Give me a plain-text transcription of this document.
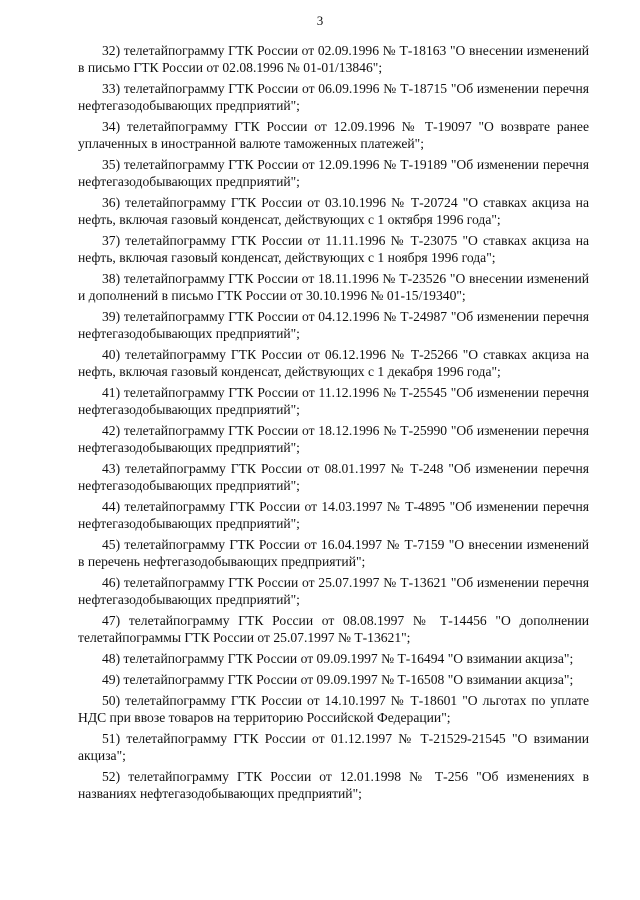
3

32) телетайпограмму ГТК России от 02.09.1996 № Т-18163 "О внесении изменений в письмо ГТК России от 02.08.1996 № 01-01/13846";

33) телетайпограмму ГТК России от 06.09.1996 № Т-18715 "Об изменении перечня нефтегазодобывающих предприятий";

34) телетайпограмму ГТК России от 12.09.1996 № Т-19097 "О возврате ранее уплаченных в иностранной валюте таможенных платежей";

35) телетайпограмму ГТК России от 12.09.1996 № Т-19189 "Об изменении перечня нефтегазодобывающих предприятий";

36) телетайпограмму ГТК России от 03.10.1996 № Т-20724 "О ставках акциза на нефть, включая газовый конденсат, действующих с 1 октября 1996 года";

37) телетайпограмму ГТК России от 11.11.1996 № Т-23075 "О ставках акциза на нефть, включая газовый конденсат, действующих с 1 ноября 1996 года";

38) телетайпограмму ГТК России от 18.11.1996 № Т-23526 "О внесении изменений и дополнений в письмо ГТК России от 30.10.1996 № 01-15/19340";

39) телетайпограмму ГТК России от 04.12.1996 № Т-24987 "Об изменении перечня нефтегазодобывающих предприятий";

40) телетайпограмму ГТК России от 06.12.1996 № Т-25266 "О ставках акциза на нефть, включая газовый конденсат, действующих с 1 декабря 1996 года";

41) телетайпограмму ГТК России от 11.12.1996 № Т-25545 "Об изменении перечня нефтегазодобывающих предприятий";

42) телетайпограмму ГТК России от 18.12.1996 № Т-25990 "Об изменении перечня нефтегазодобывающих предприятий";

43) телетайпограмму ГТК России от 08.01.1997 № Т-248 "Об изменении перечня нефтегазодобывающих предприятий";

44) телетайпограмму ГТК России от 14.03.1997 № Т-4895 "Об изменении перечня нефтегазодобывающих предприятий";

45) телетайпограмму ГТК России от 16.04.1997 № Т-7159 "О внесении изменений в перечень нефтегазодобывающих предприятий";

46) телетайпограмму ГТК России от 25.07.1997 № Т-13621 "Об изменении перечня нефтегазодобывающих предприятий";

47) телетайпограмму ГТК России от 08.08.1997 № Т-14456 "О дополнении телетайпограммы ГТК России от 25.07.1997 № Т-13621";

48) телетайпограмму ГТК России от 09.09.1997 № Т-16494 "О взимании акциза";

49) телетайпограмму ГТК России от 09.09.1997 № Т-16508 "О взимании акциза";

50) телетайпограмму ГТК России от 14.10.1997 № Т-18601 "О льготах по уплате НДС при ввозе товаров на территорию Российской Федерации";

51) телетайпограмму ГТК России от 01.12.1997 № Т-21529-21545 "О взимании акциза";

52) телетайпограмму ГТК России от 12.01.1998 № Т-256 "Об изменениях в названиях нефтегазодобывающих предприятий";
